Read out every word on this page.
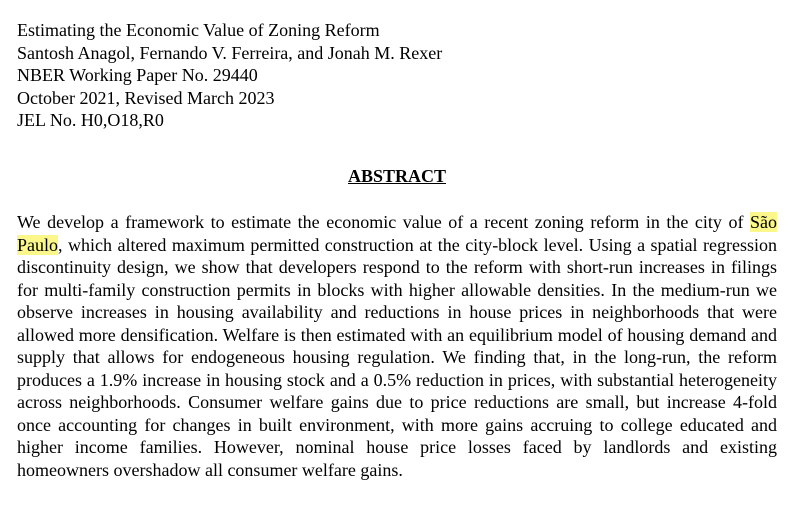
Estimating the Economic Value of Zoning Reform
Santosh Anagol, Fernando V. Ferreira, and Jonah M. Rexer
NBER Working Paper No. 29440
October 2021, Revised March 2023
JEL No. H0,O18,R0
ABSTRACT

We develop a framework to estimate the economic value of a recent zoning reform in the city of São Paulo, which altered maximum permitted construction at the city-block level. Using a spatial regression discontinuity design, we show that developers respond to the reform with short-run increases in filings for multi-family construction permits in blocks with higher allowable densities. In the medium-run we observe increases in housing availability and reductions in house prices in neighborhoods that were allowed more densification. Welfare is then estimated with an equilibrium model of housing demand and supply that allows for endogeneous housing regulation. We finding that, in the long-run, the reform produces a 1.9% increase in housing stock and a 0.5% reduction in prices, with substantial heterogeneity across neighborhoods. Consumer welfare gains due to price reductions are small, but increase 4-fold once accounting for changes in built environment, with more gains accruing to college educated and higher income families. However, nominal house price losses faced by landlords and existing homeowners overshadow all consumer welfare gains.
